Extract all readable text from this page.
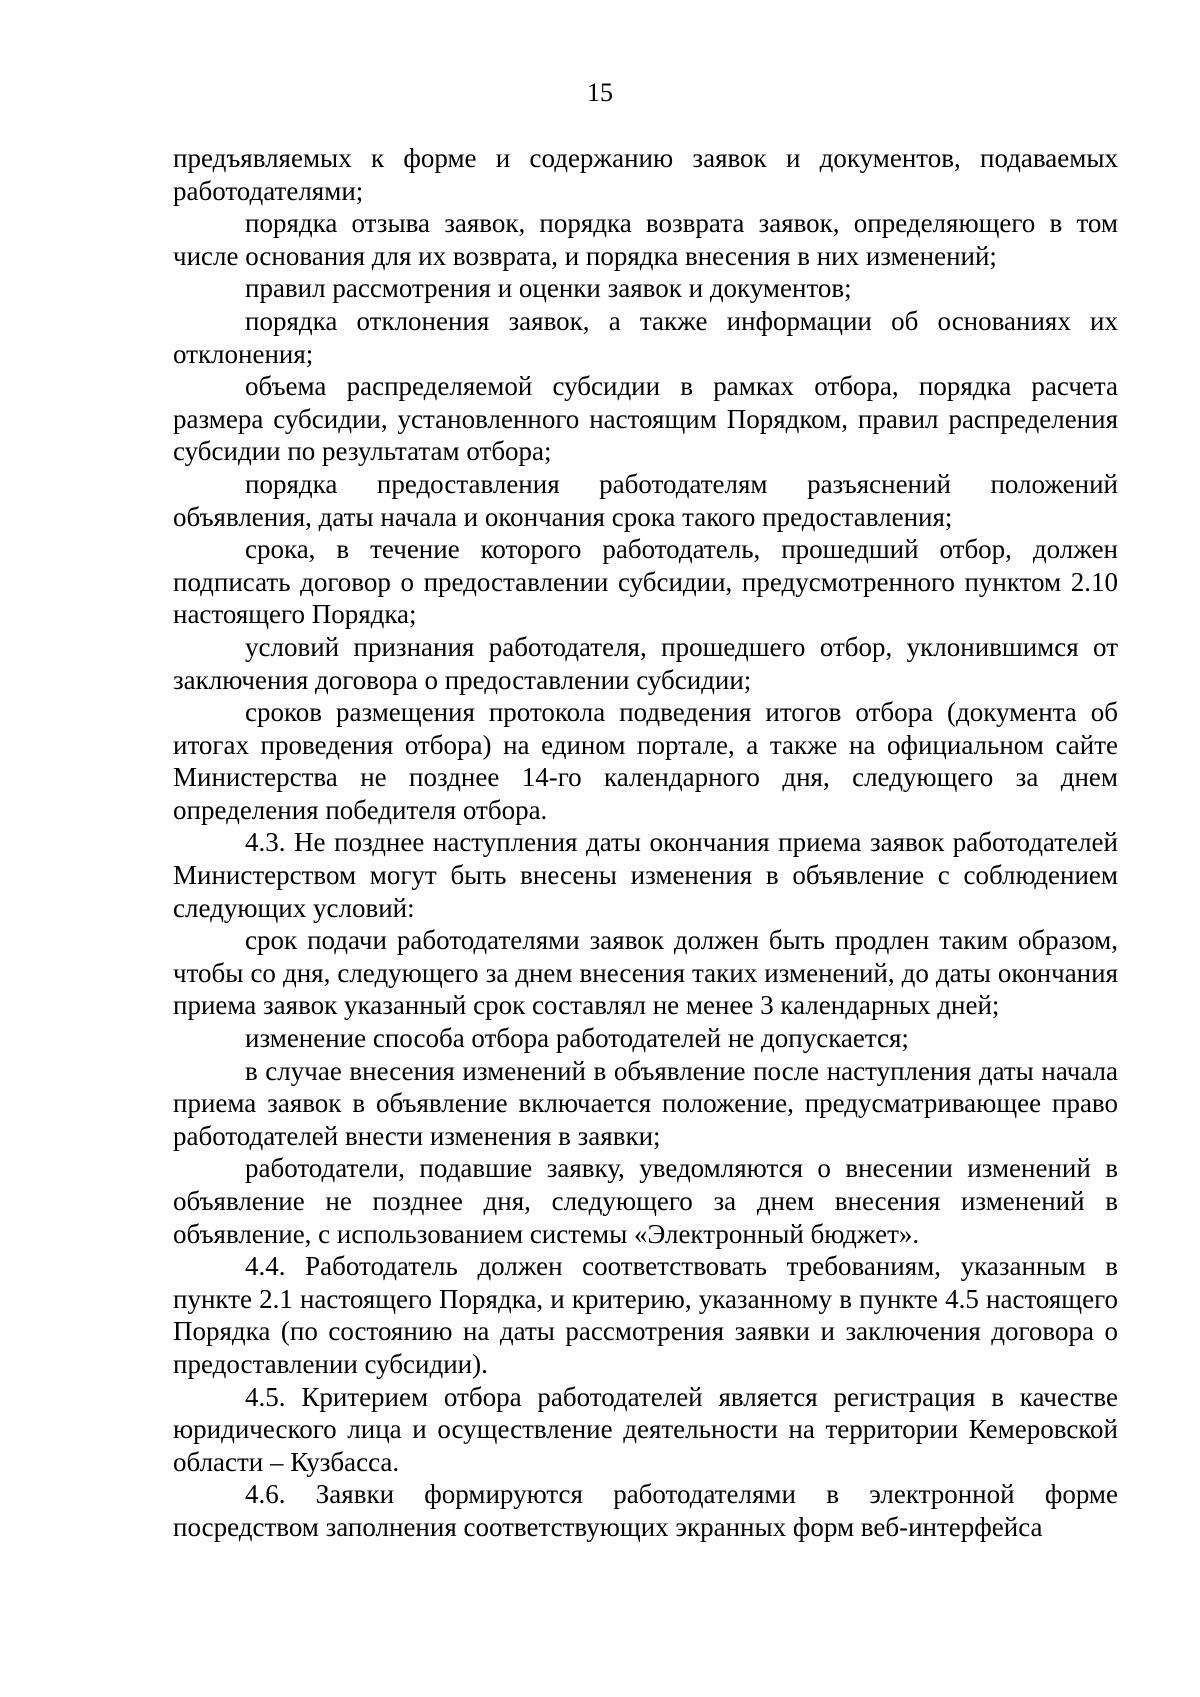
15

предъявляемых к форме и содержанию заявок и документов, подаваемых работодателями;

порядка отзыва заявок, порядка возврата заявок, определяющего в том числе основания для их возврата, и порядка внесения в них изменений;

правил рассмотрения и оценки заявок и документов;

порядка отклонения заявок, а также информации об основаниях их отклонения;

объема распределяемой субсидии в рамках отбора, порядка расчета размера субсидии, установленного настоящим Порядком, правил распределения субсидии по результатам отбора;

порядка предоставления работодателям разъяснений положений объявления, даты начала и окончания срока такого предоставления;

срока, в течение которого работодатель, прошедший отбор, должен подписать договор о предоставлении субсидии, предусмотренного пунктом 2.10 настоящего Порядка;

условий признания работодателя, прошедшего отбор, уклонившимся от заключения договора о предоставлении субсидии;

сроков размещения протокола подведения итогов отбора (документа об итогах проведения отбора) на едином портале, а также на официальном сайте Министерства не позднее 14-го календарного дня, следующего за днем определения победителя отбора.

4.3. Не позднее наступления даты окончания приема заявок работодателей Министерством могут быть внесены изменения в объявление с соблюдением следующих условий:

срок подачи работодателями заявок должен быть продлен таким образом, чтобы со дня, следующего за днем внесения таких изменений, до даты окончания приема заявок указанный срок составлял не менее 3 календарных дней;

изменение способа отбора работодателей не допускается;

в случае внесения изменений в объявление после наступления даты начала приема заявок в объявление включается положение, предусматривающее право работодателей внести изменения в заявки;

работодатели, подавшие заявку, уведомляются о внесении изменений в объявление не позднее дня, следующего за днем внесения изменений в объявление, с использованием системы «Электронный бюджет».

4.4. Работодатель должен соответствовать требованиям, указанным в пункте 2.1 настоящего Порядка, и критерию, указанному в пункте 4.5 настоящего Порядка (по состоянию на даты рассмотрения заявки и заключения договора о предоставлении субсидии).

4.5. Критерием отбора работодателей является регистрация в качестве юридического лица и осуществление деятельности на территории Кемеровской области – Кузбасса.

4.6. Заявки формируются работодателями в электронной форме посредством заполнения соответствующих экранных форм веб-интерфейса
